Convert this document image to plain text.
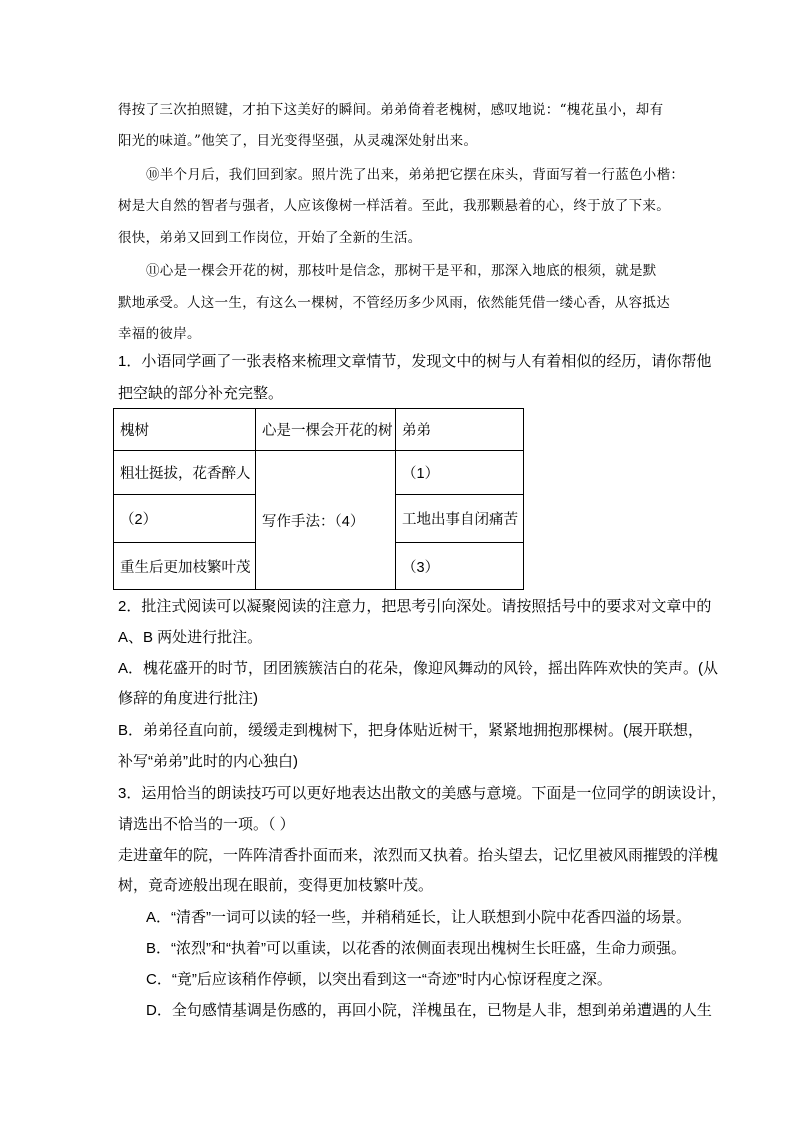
得按了三次拍照键，才拍下这美好的瞬间。弟弟倚着老槐树，感叹地说：“槐花虽小，却有
阳光的味道。”他笑了，目光变得坚强，从灵魂深处射出来。
⑩半个月后，我们回到家。照片洗了出来，弟弟把它摆在床头，背面写着一行蓝色小楷：
树是大自然的智者与强者，人应该像树一样活着。至此，我那颗悬着的心，终于放了下来。
很快，弟弟又回到工作岗位，开始了全新的生活。
⑪心是一棵会开花的树，那枝叶是信念，那树干是平和，那深入地底的根须，就是默
默地承受。人这一生，有这么一棵树，不管经历多少风雨，依然能凭借一缕心香，从容抵达
幸福的彼岸。
1．小语同学画了一张表格来梳理文章情节，发现文中的树与人有着相似的经历，请你帮他
把空缺的部分补充完整。
槐树	心是一棵会开花的树	弟弟
粗壮挺拔，花香醉人	写作手法：（4）	（1）
（2）		工地出事自闭痛苦
重生后更加枝繁叶茂		（3）
2．批注式阅读可以凝聚阅读的注意力，把思考引向深处。请按照括号中的要求对文章中的
A、B 两处进行批注。
A．槐花盛开的时节，团团簇簇洁白的花朵，像迎风舞动的风铃，摇出阵阵欢快的笑声。(从
修辞的角度进行批注)
B．弟弟径直向前，缓缓走到槐树下，把身体贴近树干，紧紧地拥抱那棵树。(展开联想，
补写“弟弟”此时的内心独白)
3．运用恰当的朗读技巧可以更好地表达出散文的美感与意境。下面是一位同学的朗读设计，
请选出不恰当的一项。（ ）
走进童年的院，一阵阵清香扑面而来，浓烈而又执着。抬头望去，记忆里被风雨摧毁的洋槐
树，竟奇迹般出现在眼前，变得更加枝繁叶茂。
A．“清香”一词可以读的轻一些，并稍稍延长，让人联想到小院中花香四溢的场景。
B．“浓烈”和“执着”可以重读，以花香的浓侧面表现出槐树生长旺盛，生命力顽强。
C．“竟”后应该稍作停顿，以突出看到这一“奇迹”时内心惊讶程度之深。
D．全句感情基调是伤感的，再回小院，洋槐虽在，已物是人非，想到弟弟遭遇的人生
